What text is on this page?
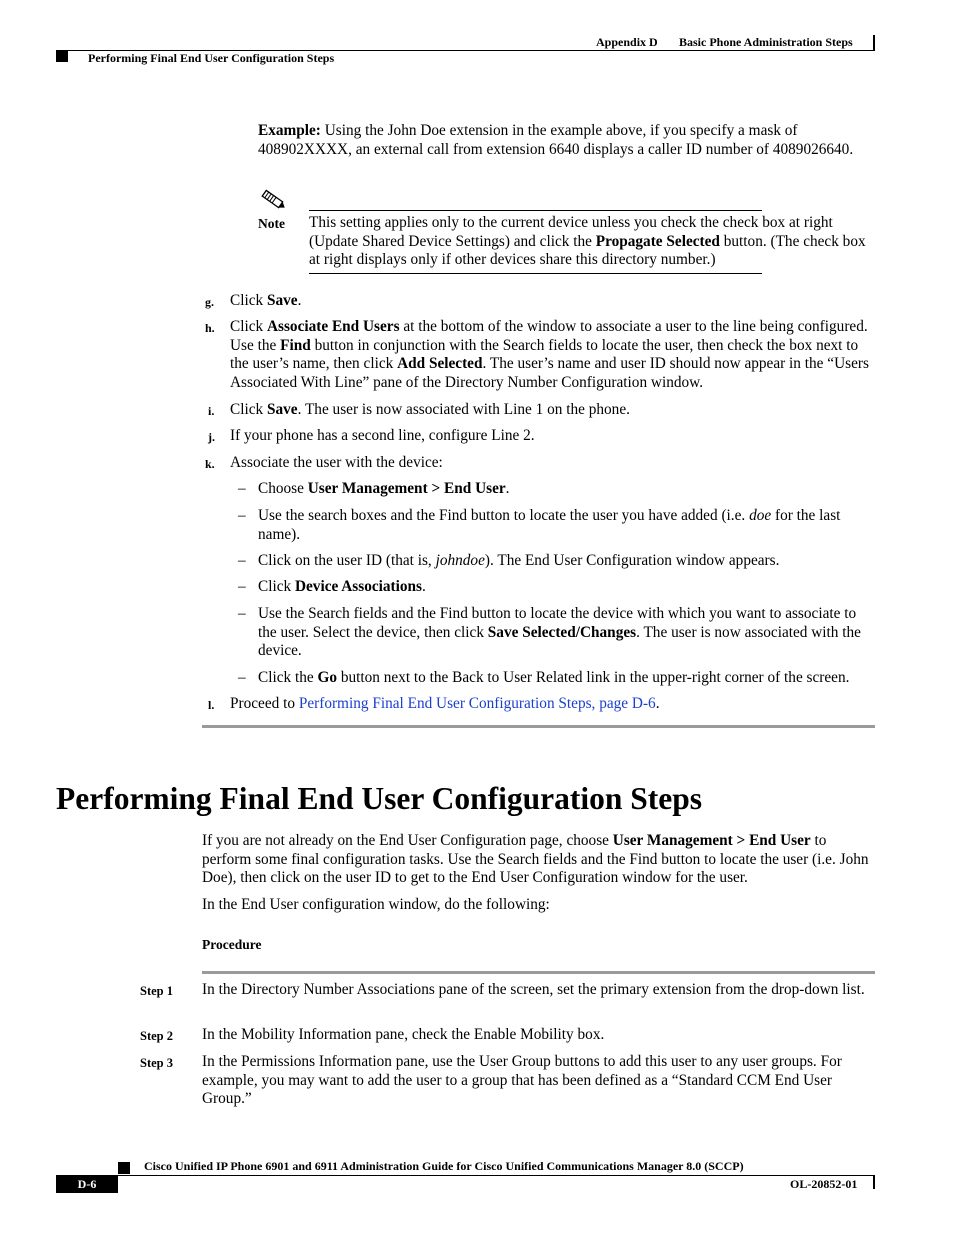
Appendix D Basic Phone Administration Steps
Performing Final End User Configuration Steps
Example: Using the John Doe extension in the example above, if you specify a mask of 408902XXXX, an external call from extension 6640 displays a caller ID number of 4089026640.
Note This setting applies only to the current device unless you check the check box at right (Update Shared Device Settings) and click the Propagate Selected button. (The check box at right displays only if other devices share this directory number.)
g. Click Save.
h. Click Associate End Users at the bottom of the window to associate a user to the line being configured. Use the Find button in conjunction with the Search fields to locate the user, then check the box next to the user’s name, then click Add Selected. The user’s name and user ID should now appear in the “Users Associated With Line” pane of the Directory Number Configuration window.
i. Click Save. The user is now associated with Line 1 on the phone.
j. If your phone has a second line, configure Line 2.
k. Associate the user with the device:
– Choose User Management > End User.
– Use the search boxes and the Find button to locate the user you have added (i.e. doe for the last name).
– Click on the user ID (that is, johndoe). The End User Configuration window appears.
– Click Device Associations.
– Use the Search fields and the Find button to locate the device with which you want to associate to the user. Select the device, then click Save Selected/Changes. The user is now associated with the device.
– Click the Go button next to the Back to User Related link in the upper-right corner of the screen.
l. Proceed to Performing Final End User Configuration Steps, page D-6.
Performing Final End User Configuration Steps
If you are not already on the End User Configuration page, choose User Management > End User to perform some final configuration tasks. Use the Search fields and the Find button to locate the user (i.e. John Doe), then click on the user ID to get to the End User Configuration window for the user.
In the End User configuration window, do the following:
Procedure
Step 1 In the Directory Number Associations pane of the screen, set the primary extension from the drop-down list.
Step 2 In the Mobility Information pane, check the Enable Mobility box.
Step 3 In the Permissions Information pane, use the User Group buttons to add this user to any user groups. For example, you may want to add the user to a group that has been defined as a “Standard CCM End User Group.”
Cisco Unified IP Phone 6901 and 6911 Administration Guide for Cisco Unified Communications Manager 8.0 (SCCP)
D-6	OL-20852-01
